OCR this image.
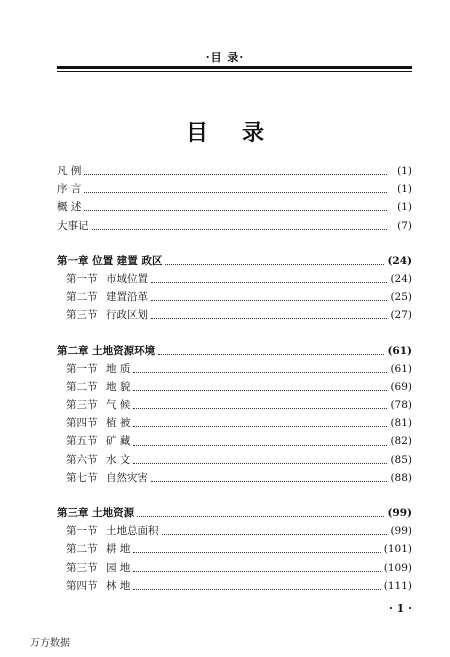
·目 录·
目 录
凡 例	(1)
序 言	(1)
概 述	(1)
大事记	(7)
第一章 位置 建置 政区	(24)
第一节 市域位置	(24)
第二节 建置沿革	(25)
第三节 行政区划	(27)
第二章 土地资源环境	(61)
第一节 地 质	(61)
第二节 地 貌	(69)
第三节 气 候	(78)
第四节 植 被	(81)
第五节 矿 藏	(82)
第六节 水 文	(85)
第七节 自然灾害	(88)
第三章 土地资源	(99)
第一节 土地总面积	(99)
第二节 耕 地	(101)
第三节 园 地	(109)
第四节 林 地	(111)
· 1 ·
万方数据
